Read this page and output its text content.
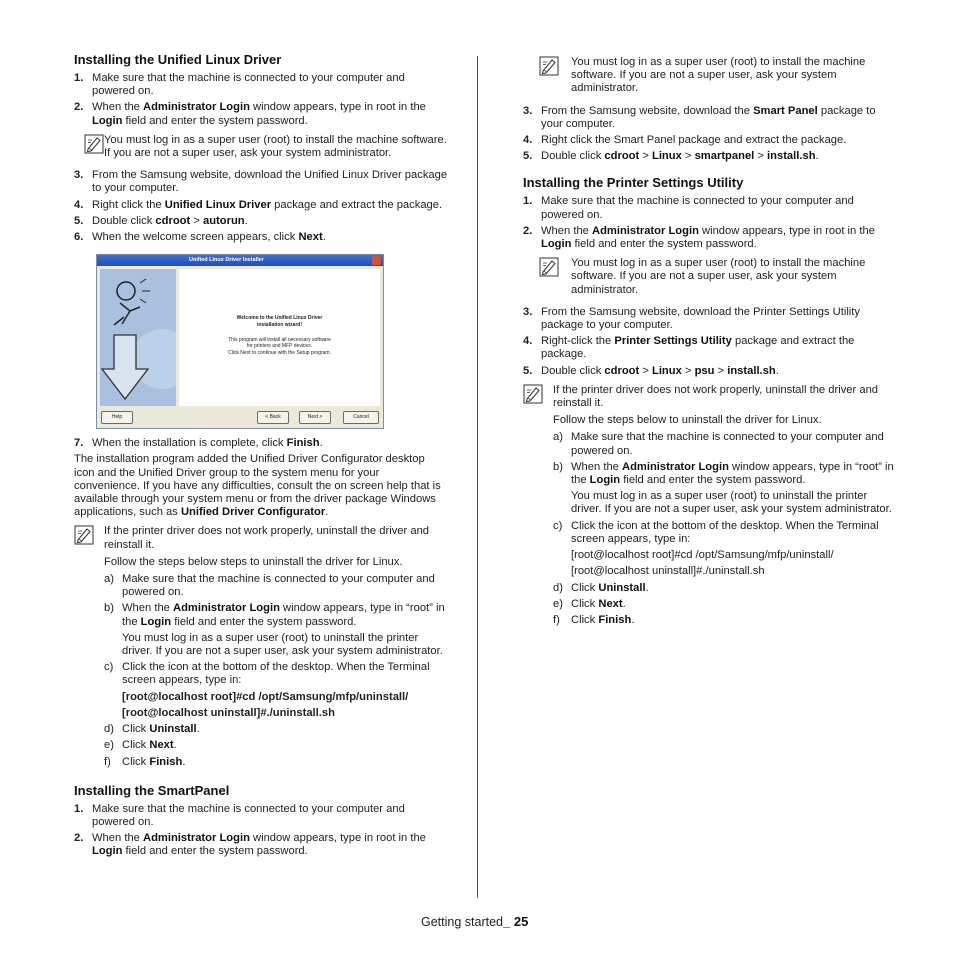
Installing the Unified Linux Driver
1. Make sure that the machine is connected to your computer and powered on.
2. When the Administrator Login window appears, type in root in the Login field and enter the system password.

You must log in as a super user (root) to install the machine software. If you are not a super user, ask your system administrator.

3. From the Samsung website, download the Unified Linux Driver package to your computer.
4. Right click the Unified Linux Driver package and extract the package.
5. Double click cdroot > autorun.
6. When the welcome screen appears, click Next.
Unified Linux Driver Installer
Welcome to the Unified Linux Driver
installation wizard!
This program will install all necessary software
for printers and MFP devices.
Click Next to continue with the Setup program.
Help	< Back	Next >	Cancel
7. When the installation is complete, click Finish.
The installation program added the Unified Driver Configurator desktop icon and the Unified Driver group to the system menu for your convenience. If you have any difficulties, consult the on screen help that is available through your system menu or from the driver package Windows applications, such as Unified Driver Configurator.

If the printer driver does not work properly, uninstall the driver and reinstall it.

Follow the steps below steps to uninstall the driver for Linux.

a) Make sure that the machine is connected to your computer and powered on.
b) When the Administrator Login window appears, type in “root” in the Login field and enter the system password.

You must log in as a super user (root) to uninstall the printer driver. If you are not a super user, ask your system administrator.

c) Click the icon at the bottom of the desktop. When the Terminal screen appears, type in:
[root@localhost root]#cd /opt/Samsung/mfp/uninstall/
[root@localhost uninstall]#./uninstall.sh
d) Click Uninstall.
e) Click Next.
f) Click Finish.
Installing the SmartPanel
1. Make sure that the machine is connected to your computer and powered on.
2. When the Administrator Login window appears, type in root in the Login field and enter the system password.

You must log in as a super user (root) to install the machine software. If you are not a super user, ask your system administrator.

3. From the Samsung website, download the Smart Panel package to your computer.
4. Right click the Smart Panel package and extract the package.
5. Double click cdroot > Linux > smartpanel > install.sh.
Installing the Printer Settings Utility
1. Make sure that the machine is connected to your computer and powered on.
2. When the Administrator Login window appears, type in root in the Login field and enter the system password.

You must log in as a super user (root) to install the machine software. If you are not a super user, ask your system administrator.

3. From the Samsung website, download the Printer Settings Utility package to your computer.
4. Right-click the Printer Settings Utility package and extract the package.
5. Double click cdroot > Linux > psu > install.sh.

If the printer driver does not work properly, uninstall the driver and reinstall it.

Follow the steps below to uninstall the driver for Linux.

a) Make sure that the machine is connected to your computer and powered on.
b) When the Administrator Login window appears, type in “root” in the Login field and enter the system password.

You must log in as a super user (root) to uninstall the printer driver. If you are not a super user, ask your system administrator.

c) Click the icon at the bottom of the desktop. When the Terminal screen appears, type in:
[root@localhost root]#cd /opt/Samsung/mfp/uninstall/
[root@localhost uninstall]#./uninstall.sh
d) Click Uninstall.
e) Click Next.
f) Click Finish.
Getting started_ 25
